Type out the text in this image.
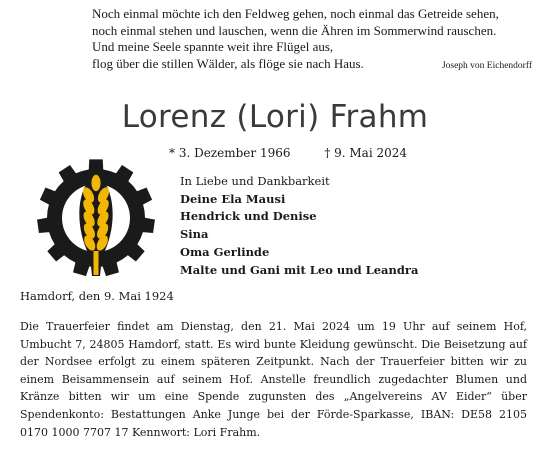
Noch einmal möchte ich den Feldweg gehen, noch einmal das Getreide sehen,
noch einmal stehen und lauschen, wenn die Ähren im Sommerwind rauschen.
Und meine Seele spannte weit ihre Flügel aus,
flog über die stillen Wälder, als flöge sie nach Haus.	Joseph von Eichendorff
Lorenz (Lori) Frahm
* 3. Dezember 1966	† 9. Mai 2024
In Liebe und Dankbarkeit
Deine Ela Mausi
Hendrick und Denise
Sina
Oma Gerlinde
Malte und Gani mit Leo und Leandra
Hamdorf, den 9. Mai 1924

Die Trauerfeier findet am Dienstag, den 21. Mai 2024 um 19 Uhr auf seinem Hof, Umbucht 7, 24805 Hamdorf, statt. Es wird bunte Kleidung gewünscht. Die Beisetzung auf der Nordsee erfolgt zu einem späteren Zeitpunkt. Nach der Trauerfeier bitten wir zu einem Beisammensein auf seinem Hof. Anstelle freundlich zugedachter Blumen und Kränze bitten wir um eine Spende zugunsten des „Angelvereins AV Eider“ über Spendenkonto: Bestattungen Anke Junge bei der Förde-Sparkasse, IBAN: DE58 2105 0170 1000 7707 17 Kennwort: Lori Frahm.
